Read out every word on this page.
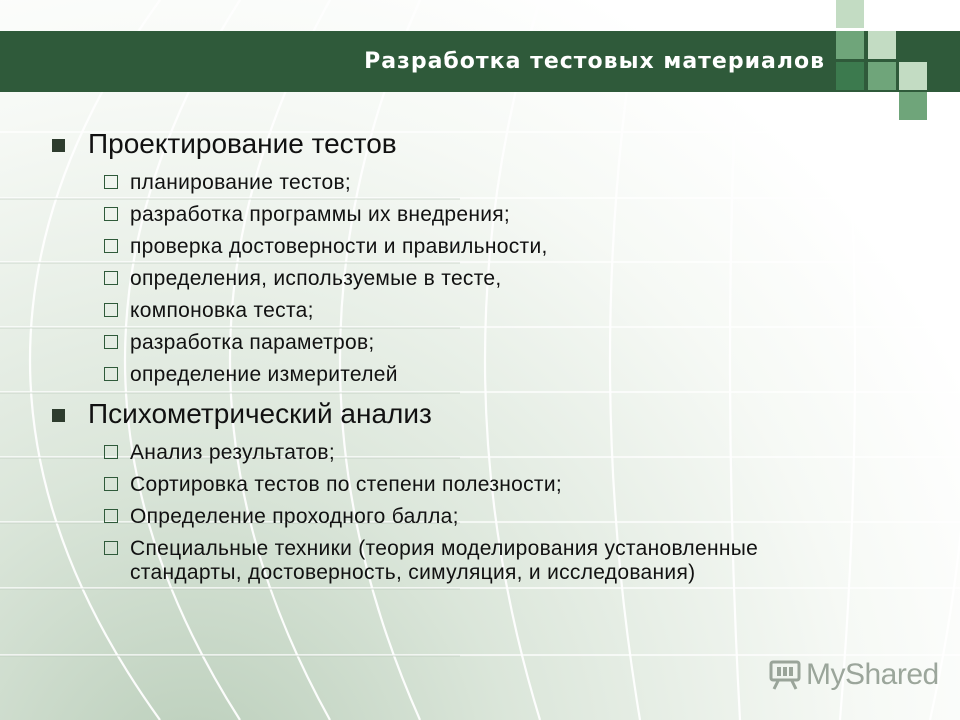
Разработка тестовых материалов
Проектирование тестов
планирование тестов;
разработка программы их внедрения;
проверка достоверности и правильности,
определения, используемые в тесте,
компоновка теста;
разработка параметров;
определение измерителей
Психометрический анализ
Анализ результатов;
Сортировка тестов по степени полезности;
Определение проходного балла;
Специальные техники (теория моделирования установленные стандарты, достоверность, симуляция, и исследования)
MyShared
